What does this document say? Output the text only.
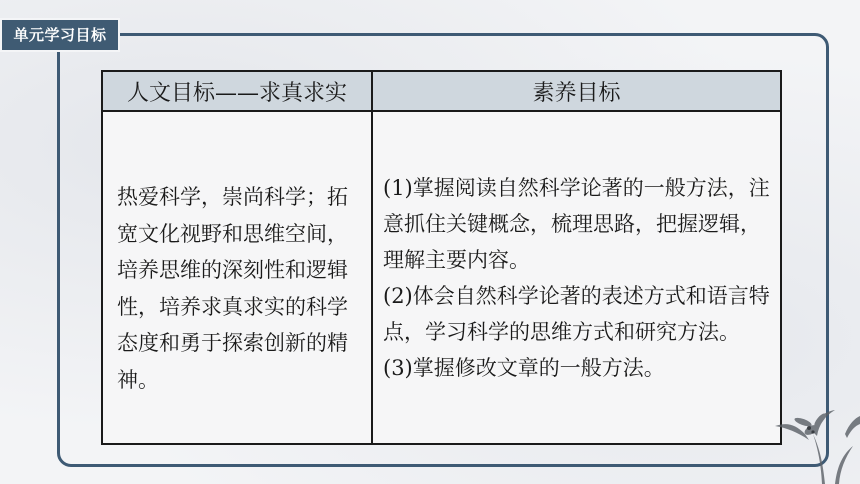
单元学习目标
人文目标——求真求实	素养目标

热爱科学，崇尚科学；拓宽文化视野和思维空间，培养思维的深刻性和逻辑性，培养求真求实的科学态度和勇于探索创新的精神。	(1)掌握阅读自然科学论著的一般方法，注意抓住关键概念，梳理思路，把握逻辑，理解主要内容。
(2)体会自然科学论著的表述方式和语言特点，学习科学的思维方式和研究方法。
(3)掌握修改文章的一般方法。
